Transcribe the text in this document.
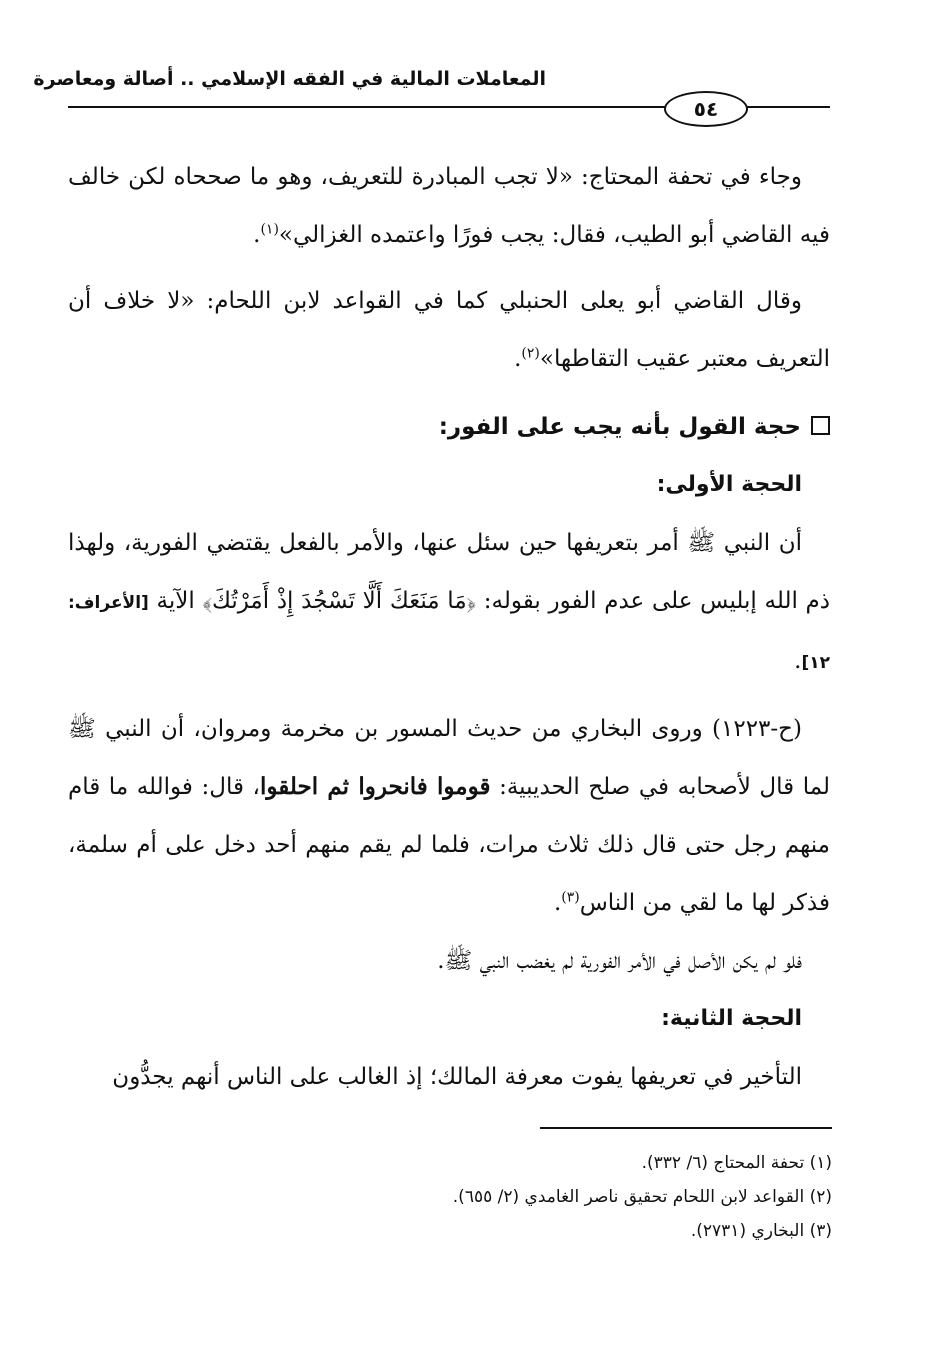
المعاملات المالية في الفقه الإسلامي .. أصالة ومعاصرة
٥٤

وجاء في تحفة المحتاج: «لا تجب المبادرة للتعريف، وهو ما صححاه لكن خالف فيه القاضي أبو الطيب، فقال: يجب فورًا واعتمده الغزالي»$^{(١)}$.

وقال القاضي أبو يعلى الحنبلي كما في القواعد لابن اللحام: «لا خلاف أن التعريف معتبر عقيب التقاطها»$^{(٢)}$.

حجة القول بأنه يجب على الفور:

الحجة الأولى:

أن النبي ﷺ أمر بتعريفها حين سئل عنها، والأمر بالفعل يقتضي الفورية، ولهذا ذم الله إبليس على عدم الفور بقوله: ﴿مَا مَنَعَكَ أَلَّا تَسْجُدَ إِذْ أَمَرْتُكَ﴾ الآية [الأعراف: ١٢].

(ح-١٢٢٣) وروى البخاري من حديث المسور بن مخرمة ومروان، أن النبي ﷺ لما قال لأصحابه في صلح الحديبية: قوموا فانحروا ثم احلقوا، قال: فوالله ما قام منهم رجل حتى قال ذلك ثلاث مرات، فلما لم يقم منهم أحد دخل على أم سلمة، فذكر لها ما لقي من الناس$^{(٣)}$.

فلو لم يكن الأصل في الأمر الفورية لم يغضب النبي ﷺ.

الحجة الثانية:

التأخير في تعريفها يفوت معرفة المالك؛ إذ الغالب على الناس أنهم يجدُّون

(١) تحفة المحتاج (٦/ ٣٣٢).

(٢) القواعد لابن اللحام تحقيق ناصر الغامدي (٢/ ٦٥٥).

(٣) البخاري (٢٧٣١).
